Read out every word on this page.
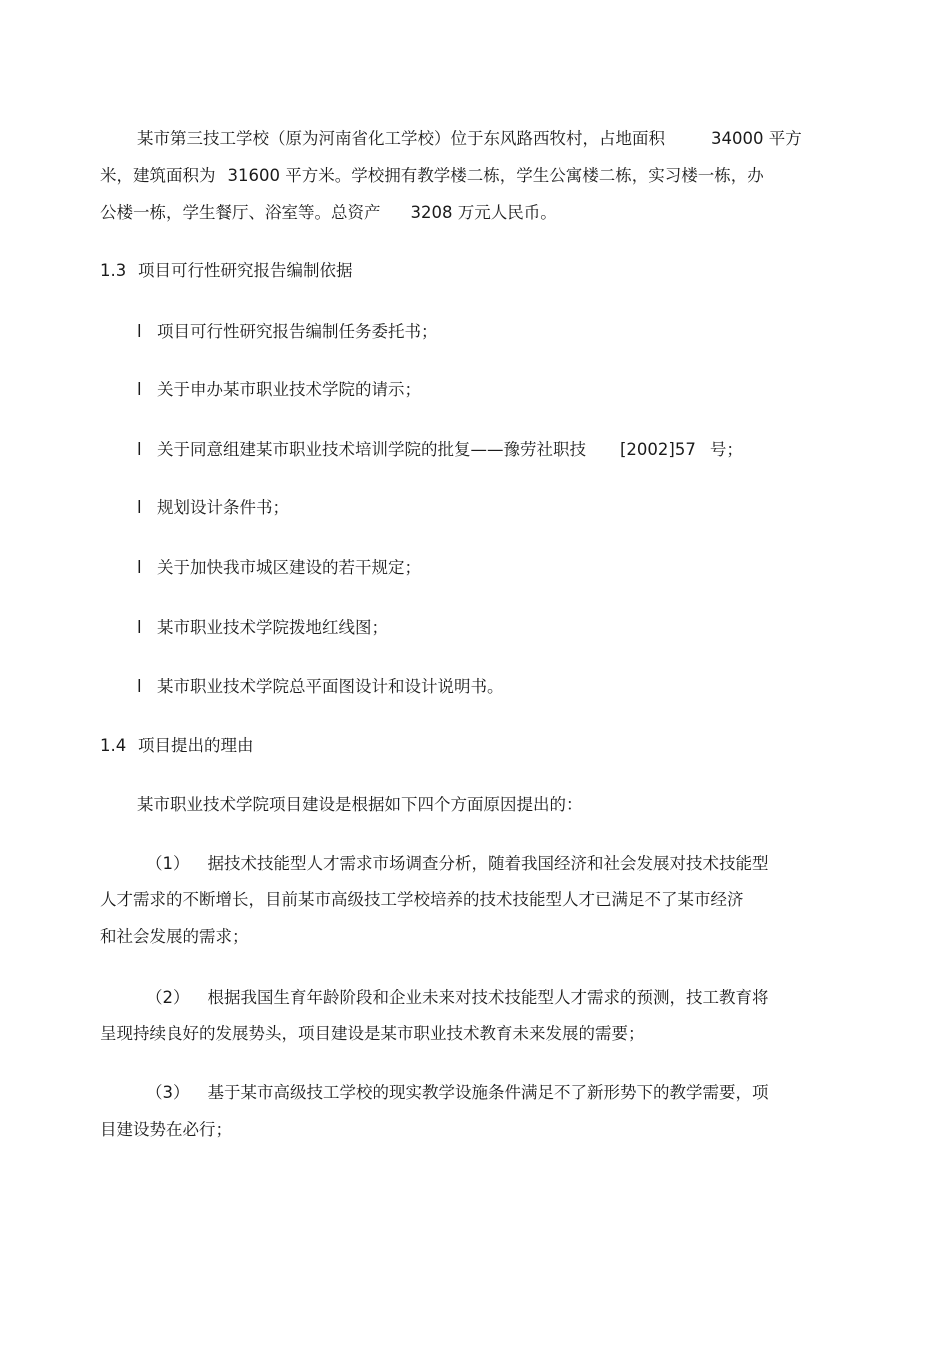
某市第三技工学校（原为河南省化工学校）位于东风路西牧村，占地面积	34000 平方
米，建筑面积为 31600 平方米。学校拥有教学楼二栋，学生公寓楼二栋，实习楼一栋，办
公楼一栋，学生餐厅、浴室等。总资产 3208 万元人民币。
1.3 项目可行性研究报告编制依据
l 项目可行性研究报告编制任务委托书；
l 关于申办某市职业技术学院的请示；
l 关于同意组建某市职业技术培训学院的批复——豫劳社职技 [2002]57 号；
l 规划设计条件书；
l 关于加快我市城区建设的若干规定；
l 某市职业技术学院拨地红线图；
l 某市职业技术学院总平面图设计和设计说明书。
1.4 项目提出的理由
某市职业技术学院项目建设是根据如下四个方面原因提出的：
（1） 据技术技能型人才需求市场调查分析，随着我国经济和社会发展对技术技能型
人才需求的不断增长，目前某市高级技工学校培养的技术技能型人才已满足不了某市经济
和社会发展的需求；
（2） 根据我国生育年龄阶段和企业未来对技术技能型人才需求的预测，技工教育将
呈现持续良好的发展势头，项目建设是某市职业技术教育未来发展的需要；
（3） 基于某市高级技工学校的现实教学设施条件满足不了新形势下的教学需要，项
目建设势在必行；
